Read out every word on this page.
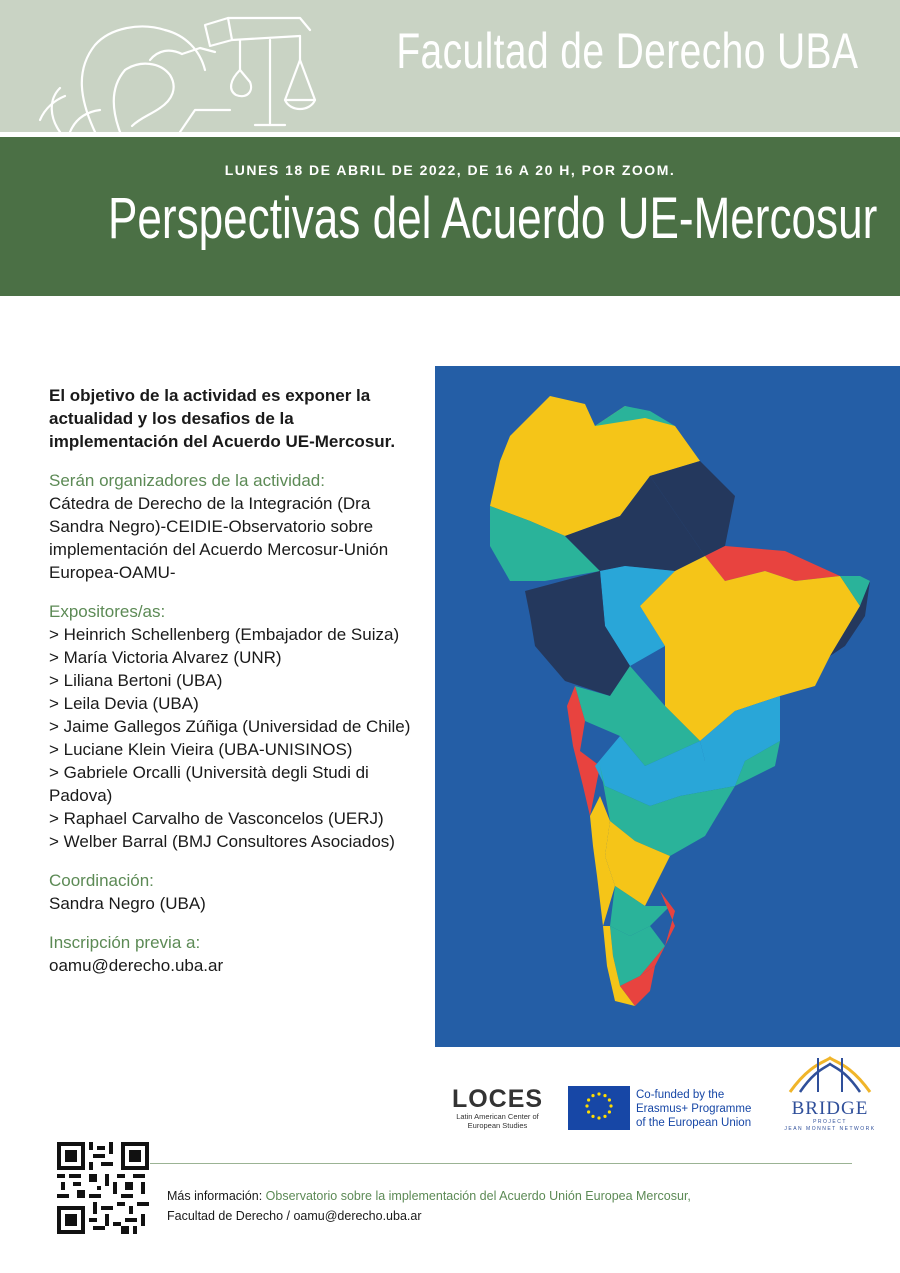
Facultad de Derecho UBA
LUNES 18 DE ABRIL DE 2022, DE 16 A 20 H, POR ZOOM.
Perspectivas del Acuerdo UE-Mercosur

El objetivo de la actividad es exponer la actualidad y los desafios de la implementación del Acuerdo UE-Mercosur.

Serán organizadores de la actividad:

Cátedra de Derecho de la Integración (Dra Sandra Negro)-CEIDIE-Observatorio sobre implementación del Acuerdo Mercosur-Unión Europea-OAMU-

Expositores/as:

> Heinrich Schellenberg (Embajador de Suiza)
> María Victoria Alvarez (UNR)
> Liliana Bertoni (UBA)
> Leila Devia (UBA)
> Jaime Gallegos Zúñiga (Universidad de Chile)
> Luciane Klein Vieira (UBA-UNISINOS)
> Gabriele Orcalli (Università degli Studi di Padova)
> Raphael Carvalho de Vasconcelos (UERJ)
> Welber Barral (BMJ Consultores Asociados)

Coordinación:

Sandra Negro (UBA)

Inscripción previa a:

oamu@derecho.uba.ar

LOCES
Latin American Center of European Studies
Co-funded by the
Erasmus+ Programme
of the European Union
BRIDGE
PROJECT
JEAN MONNET NETWORK
Más información: Observatorio sobre la implementación del Acuerdo Unión Europea Mercosur,
Facultad de Derecho / oamu@derecho.uba.ar
